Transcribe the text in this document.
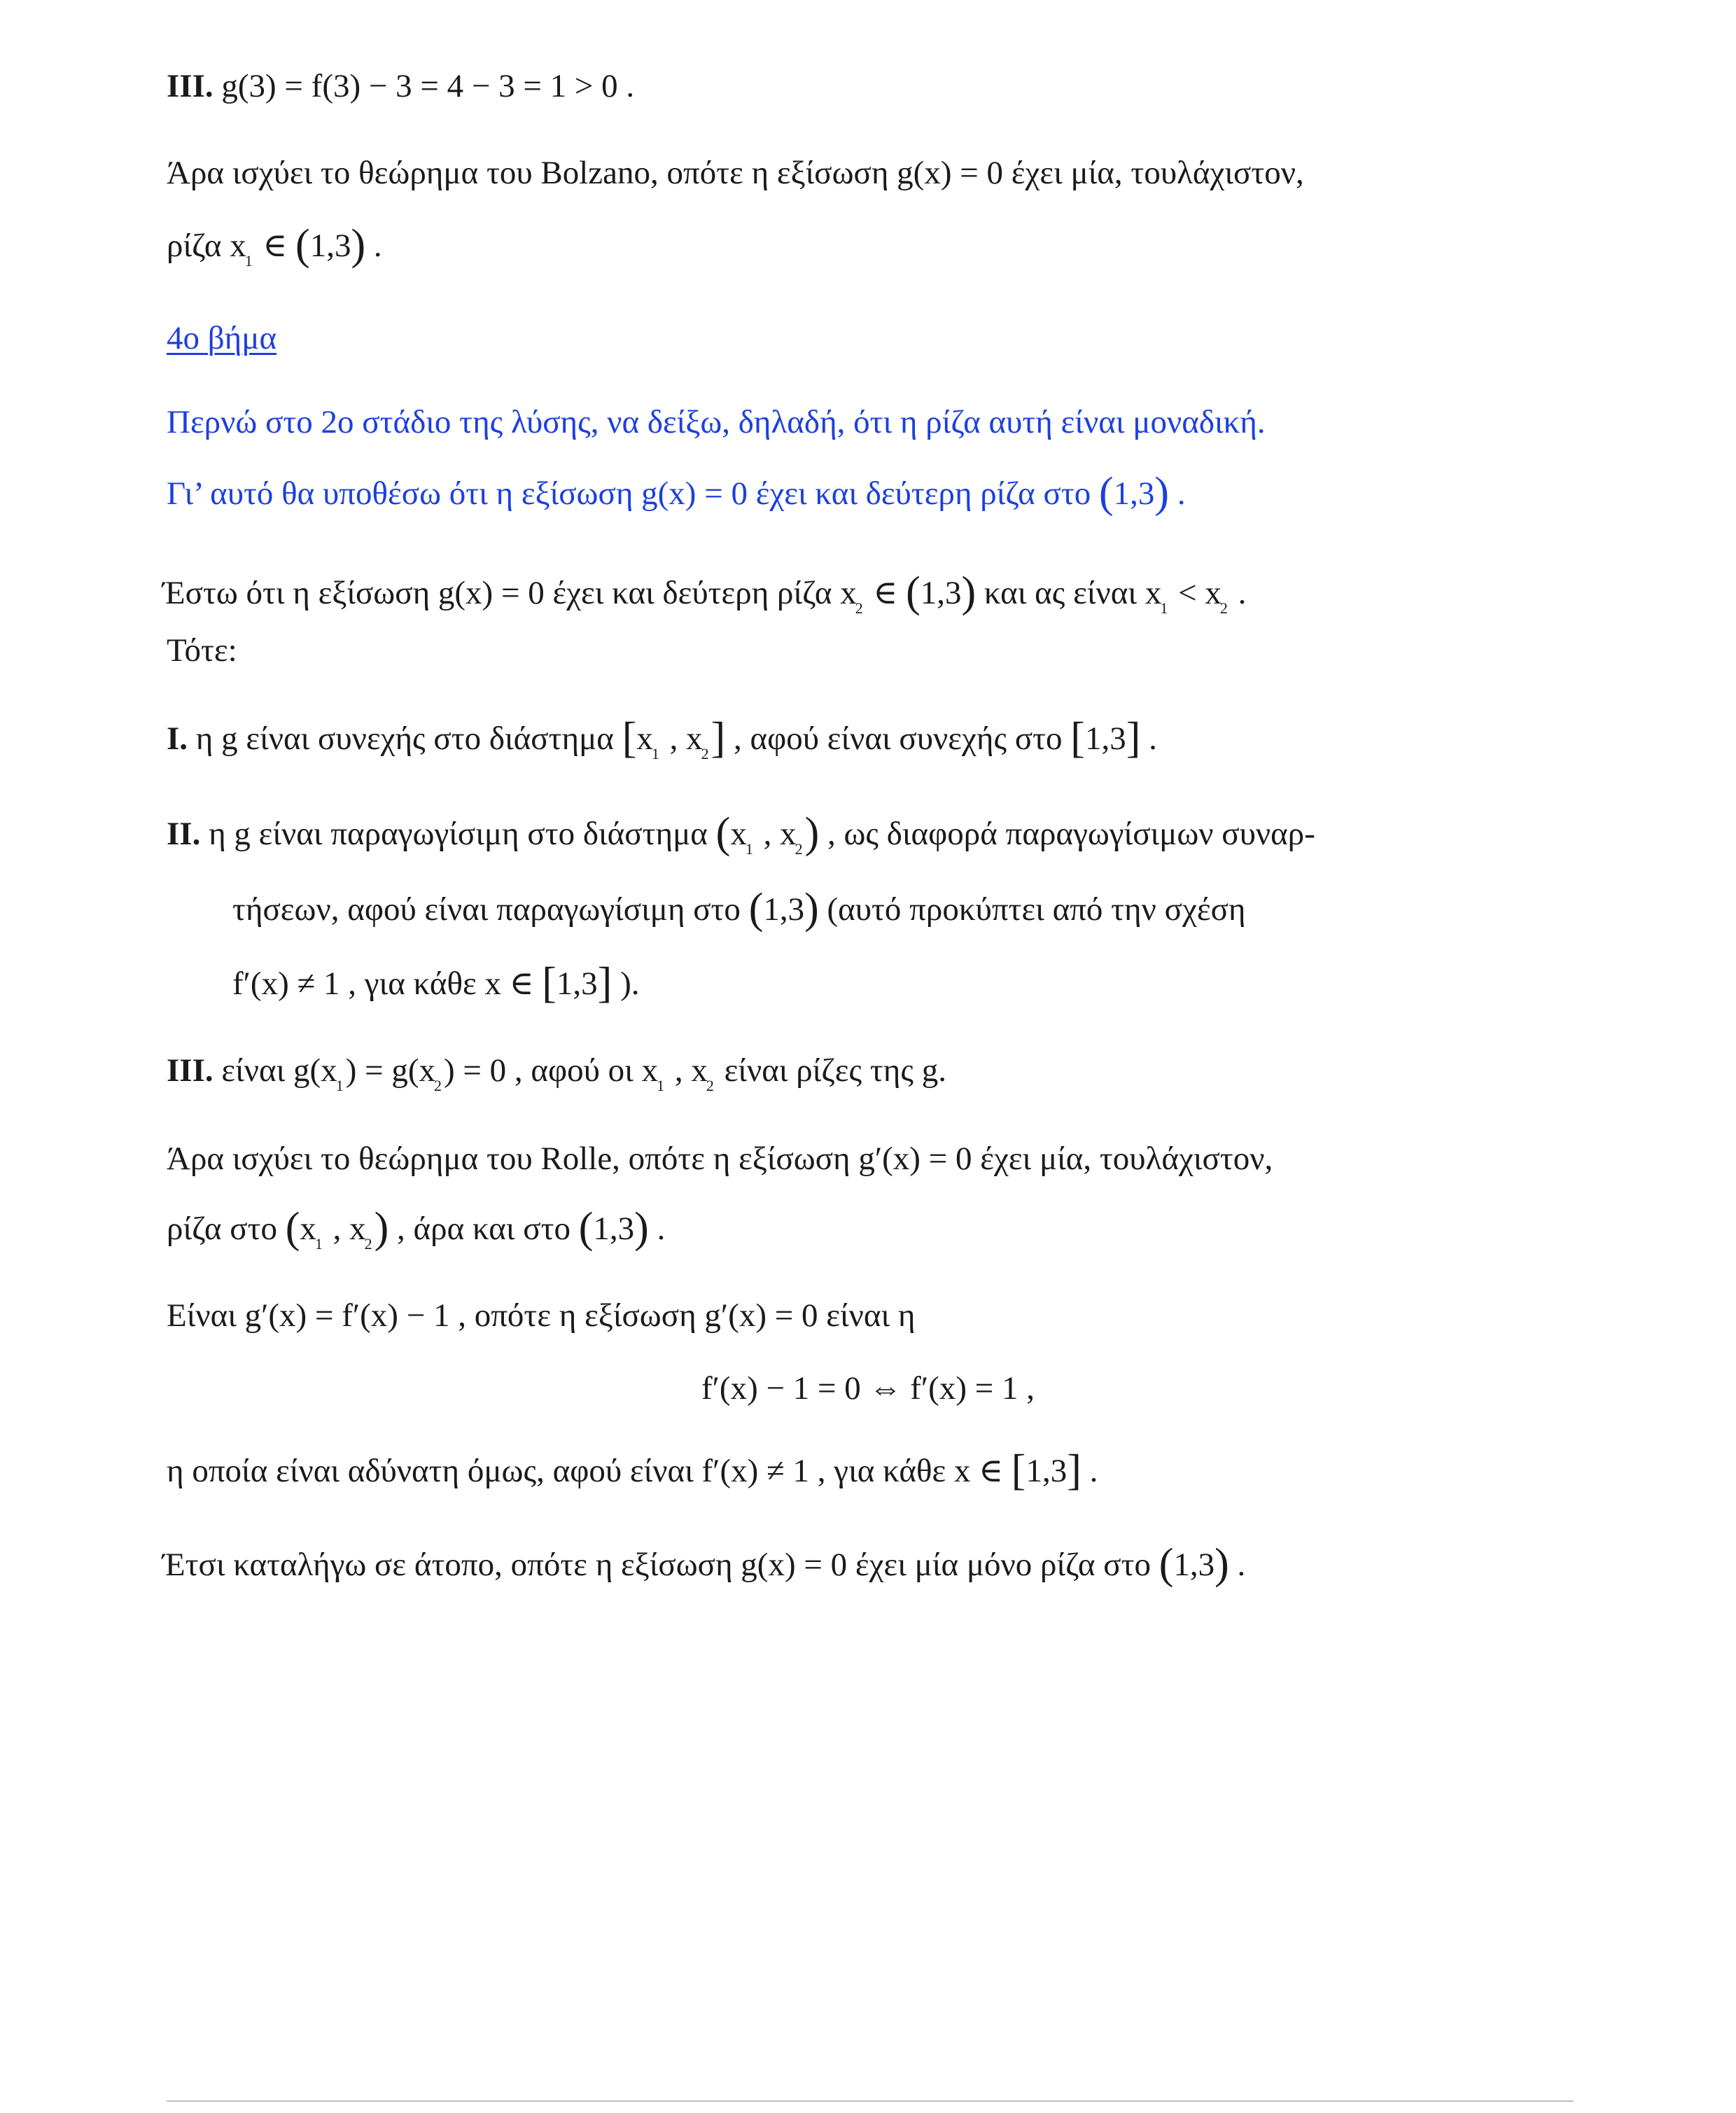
III. g(3) = f(3) − 3 = 4 − 3 = 1 > 0 .
Άρα ισχύει το θεώρημα του Bolzano, οπότε η εξίσωση g(x) = 0 έχει μία, τουλάχιστον,
ρίζα $x_1$ ∈ (1,3) .
4ο βήμα
Περνώ στο 2ο στάδιο της λύσης, να δείξω, δηλαδή, ότι η ρίζα αυτή είναι μοναδική.
Γι’ αυτό θα υποθέσω ότι η εξίσωση g(x) = 0 έχει και δεύτερη ρίζα στο (1,3) .
Έστω ότι η εξίσωση g(x) = 0 έχει και δεύτερη ρίζα $x_2$ ∈ (1,3) και ας είναι $x_1 < x_2$ .
Τότε:
I. η g είναι συνεχής στο διάστημα [$x_1$ , $x_2$] , αφού είναι συνεχής στο [1,3] .
II. η g είναι παραγωγίσιμη στο διάστημα ($x_1$ , $x_2$) , ως διαφορά παραγωγίσιμων συναρ-
τήσεων, αφού είναι παραγωγίσιμη στο (1,3) (αυτό προκύπτει από την σχέση
f′(x) ≠ 1 , για κάθε x ∈ [1,3] ).
III. είναι $g(x_1) = g(x_2) = 0$ , αφού οι $x_1$ , $x_2$ είναι ρίζες της g.
Άρα ισχύει το θεώρημα του Rolle, οπότε η εξίσωση g′(x) = 0 έχει μία, τουλάχιστον,
ρίζα στο ($x_1$ , $x_2$) , άρα και στο (1,3) .
Είναι g′(x) = f′(x) − 1 , οπότε η εξίσωση g′(x) = 0 είναι η
f′(x) − 1 = 0 ⇔ f′(x) = 1 ,
η οποία είναι αδύνατη όμως, αφού είναι f′(x) ≠ 1 , για κάθε x ∈ [1,3] .
Έτσι καταλήγω σε άτοπο, οπότε η εξίσωση g(x) = 0 έχει μία μόνο ρίζα στο (1,3) .
